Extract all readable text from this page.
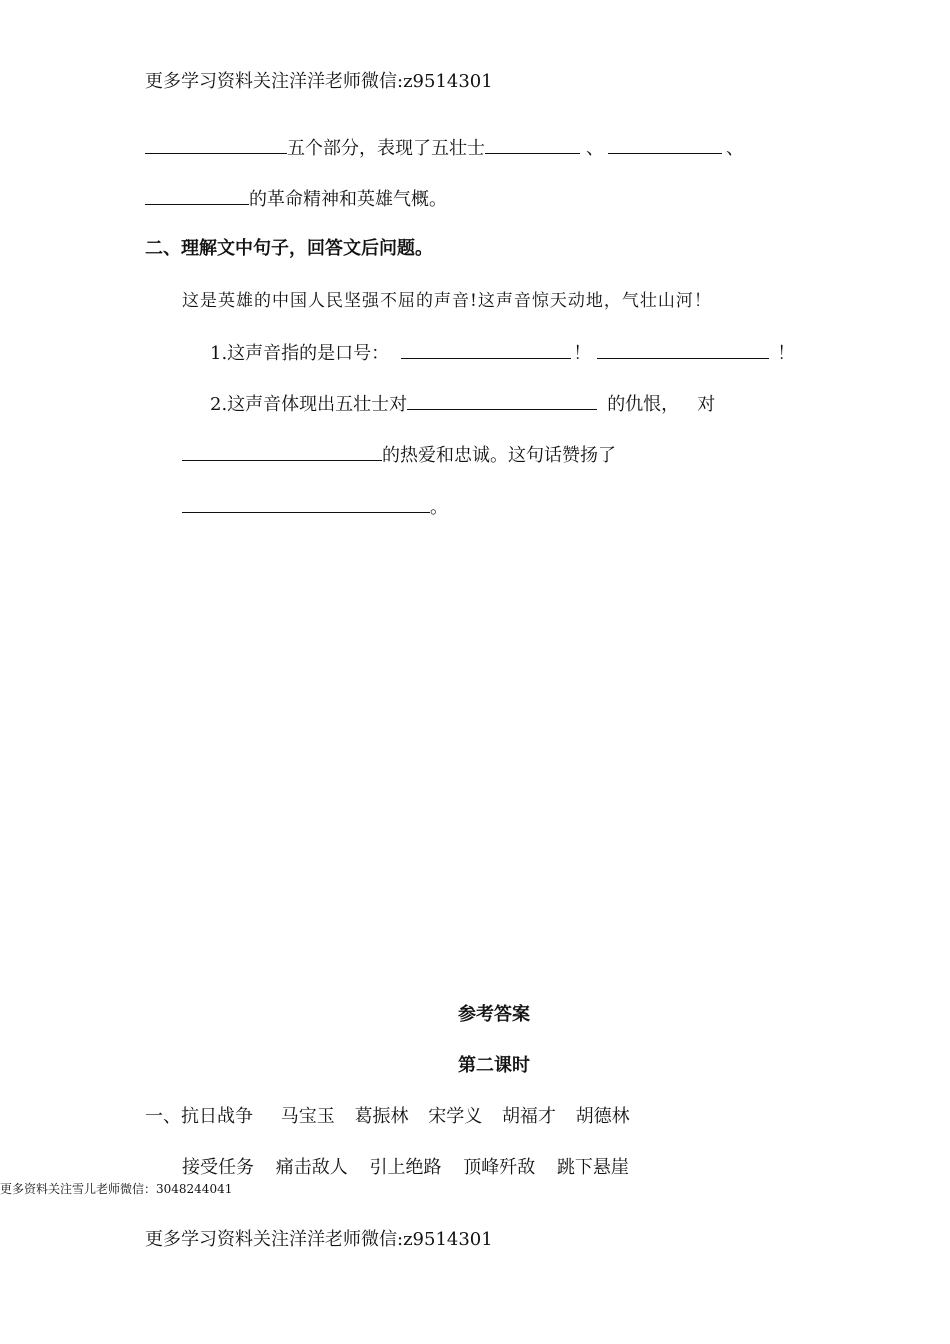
更多学习资料关注洋洋老师微信:z9514301
五个部分，表现了五壮士	、	、
的革命精神和英雄气概。
二、理解文中句子，回答文后问题。
这是英雄的中国人民坚强不屈的声音!这声音惊天动地，气壮山河！
1.这声音指的是口号：	！	！
2.这声音体现出五壮士对	的仇恨， 对
的热爱和忠诚。这句话赞扬了
。
参考答案
第二课时
一、抗日战争 马宝玉 葛振林 宋学义 胡福才 胡德林
接受任务 痛击敌人 引上绝路 顶峰歼敌 跳下悬崖
更多资料关注雪儿老师微信：3048244041
更多学习资料关注洋洋老师微信:z9514301
